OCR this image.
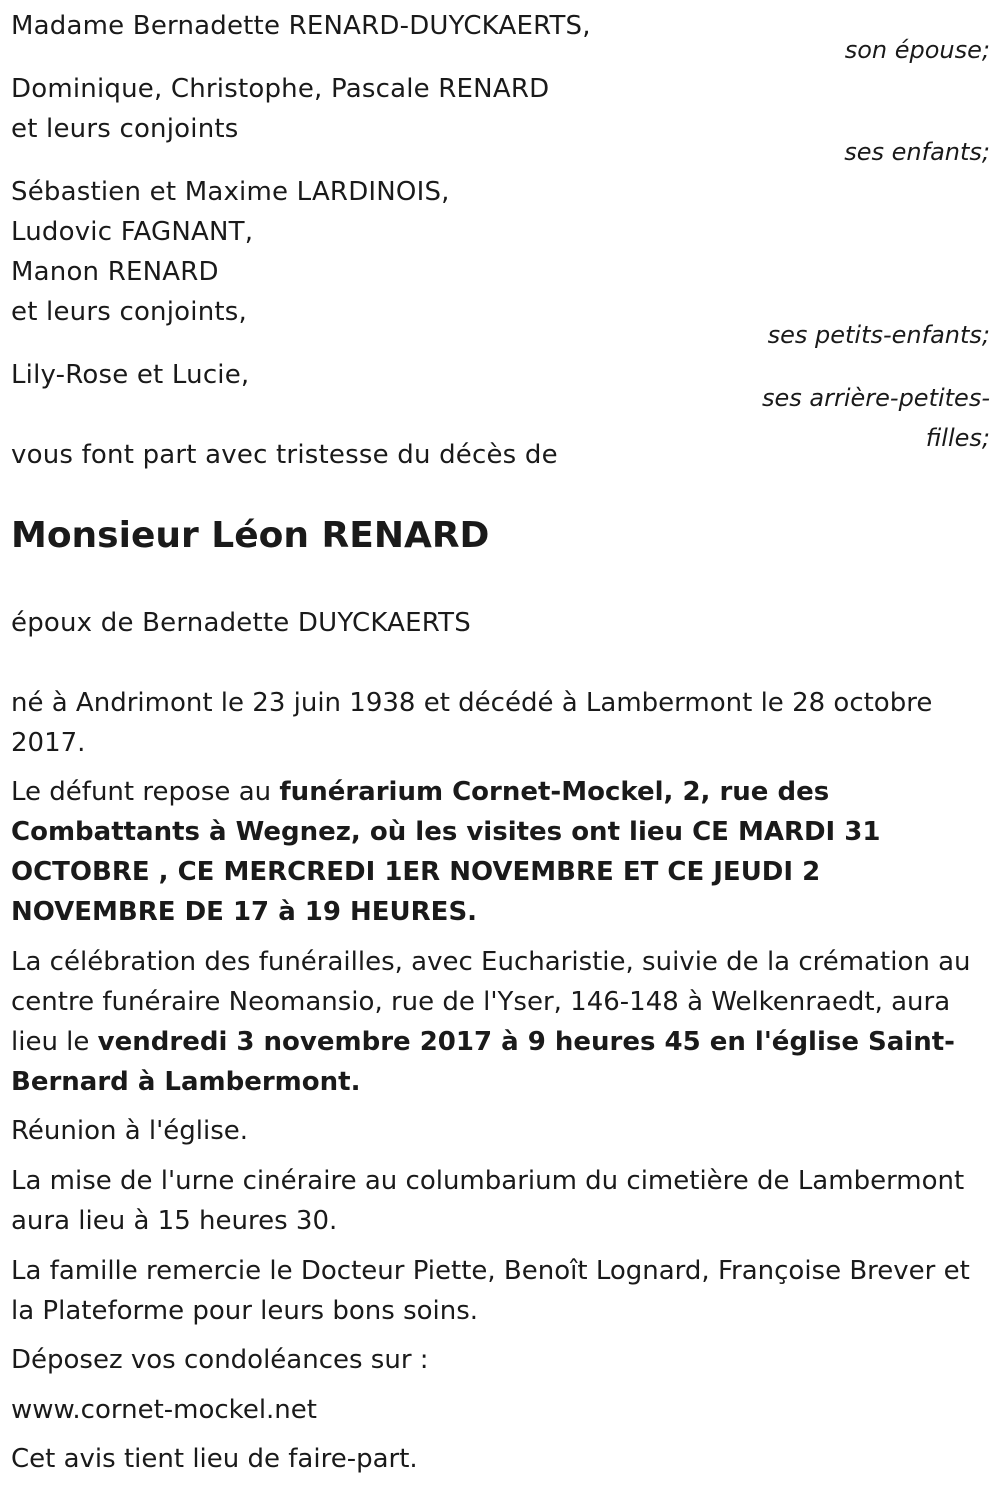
Madame Bernadette RENARD-DUYCKAERTS,
son épouse;
Dominique, Christophe, Pascale RENARD
et leurs conjoints
ses enfants;
Sébastien et Maxime LARDINOIS,
Ludovic FAGNANT,
Manon RENARD
et leurs conjoints,
ses petits-enfants;
Lily-Rose et Lucie,
ses arrière-petites-
filles;
vous font part avec tristesse du décès de
Monsieur Léon RENARD
époux de Bernadette DUYCKAERTS
né à Andrimont le 23 juin 1938 et décédé à Lambermont le 28 octobre 2017.
Le défunt repose au funérarium Cornet-Mockel, 2, rue des Combattants à Wegnez, où les visites ont lieu CE MARDI 31 OCTOBRE , CE MERCREDI 1ER NOVEMBRE ET CE JEUDI 2 NOVEMBRE DE 17 à 19 HEURES.
La célébration des funérailles, avec Eucharistie, suivie de la crémation au centre funéraire Neomansio, rue de l'Yser, 146-148 à Welkenraedt, aura lieu le vendredi 3 novembre 2017 à 9 heures 45 en l'église Saint-Bernard à Lambermont.
Réunion à l'église.
La mise de l'urne cinéraire au columbarium du cimetière de Lambermont aura lieu à 15 heures 30.
La famille remercie le Docteur Piette, Benoît Lognard, Françoise Brever et la Plateforme pour leurs bons soins.
Déposez vos condoléances sur :
www.cornet-mockel.net
Cet avis tient lieu de faire-part.
